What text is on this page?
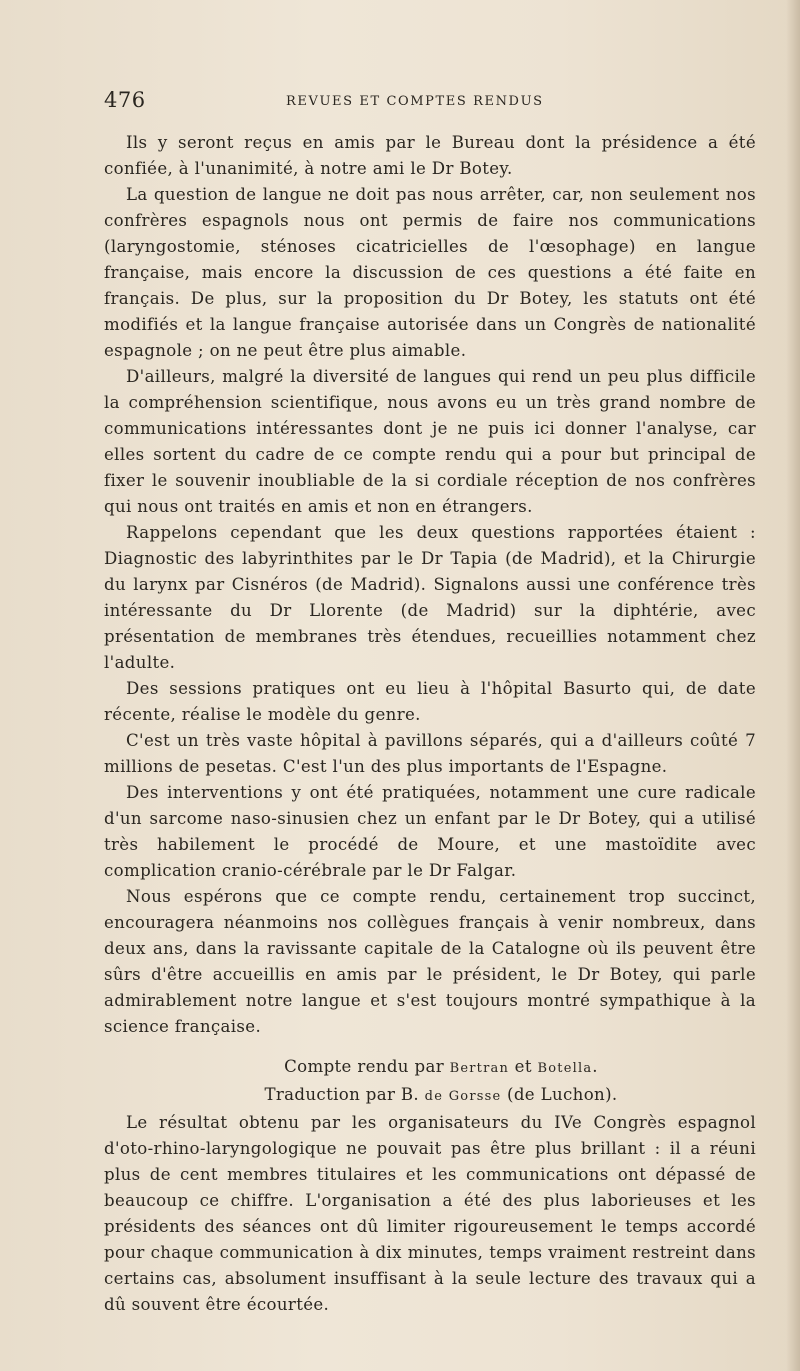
476	REVUES ET COMPTES RENDUS

Ils y seront reçus en amis par le Bureau dont la présidence a été confiée, à l'unanimité, à notre ami le Dr Botey.

La question de langue ne doit pas nous arrêter, car, non seulement nos confrères espagnols nous ont permis de faire nos communications (laryngostomie, sténoses cicatricielles de l'œsophage) en langue française, mais encore la discussion de ces questions a été faite en français. De plus, sur la proposition du Dr Botey, les statuts ont été modifiés et la langue française autorisée dans un Congrès de nationalité espagnole ; on ne peut être plus aimable.

D'ailleurs, malgré la diversité de langues qui rend un peu plus difficile la compréhension scientifique, nous avons eu un très grand nombre de communications intéressantes dont je ne puis ici donner l'analyse, car elles sortent du cadre de ce compte rendu qui a pour but principal de fixer le souvenir inoubliable de la si cordiale réception de nos confrères qui nous ont traités en amis et non en étrangers.

Rappelons cependant que les deux questions rapportées étaient : Diagnostic des labyrinthites par le Dr Tapia (de Madrid), et la Chirurgie du larynx par Cisnéros (de Madrid). Signalons aussi une conférence très intéressante du Dr Llorente (de Madrid) sur la diphtérie, avec présentation de membranes très étendues, recueillies notamment chez l'adulte.

Des sessions pratiques ont eu lieu à l'hôpital Basurto qui, de date récente, réalise le modèle du genre.

C'est un très vaste hôpital à pavillons séparés, qui a d'ailleurs coûté 7 millions de pesetas. C'est l'un des plus importants de l'Espagne.

Des interventions y ont été pratiquées, notamment une cure radicale d'un sarcome naso-sinusien chez un enfant par le Dr Botey, qui a utilisé très habilement le procédé de Moure, et une mastoïdite avec complication cranio-cérébrale par le Dr Falgar.

Nous espérons que ce compte rendu, certainement trop succinct, encouragera néanmoins nos collègues français à venir nombreux, dans deux ans, dans la ravissante capitale de la Catalogne où ils peuvent être sûrs d'être accueillis en amis par le président, le Dr Botey, qui parle admirablement notre langue et s'est toujours montré sympathique à la science française.

Compte rendu par Bertran et Botella.

Traduction par B. de Gorsse (de Luchon).

Le résultat obtenu par les organisateurs du IVe Congrès espagnol d'oto-rhino-laryngologique ne pouvait pas être plus brillant : il a réuni plus de cent membres titulaires et les communications ont dépassé de beaucoup ce chiffre. L'organisation a été des plus laborieuses et les présidents des séances ont dû limiter rigoureusement le temps accordé pour chaque communication à dix minutes, temps vraiment restreint dans certains cas, absolument insuffisant à la seule lecture des travaux qui a dû souvent être écourtée.
